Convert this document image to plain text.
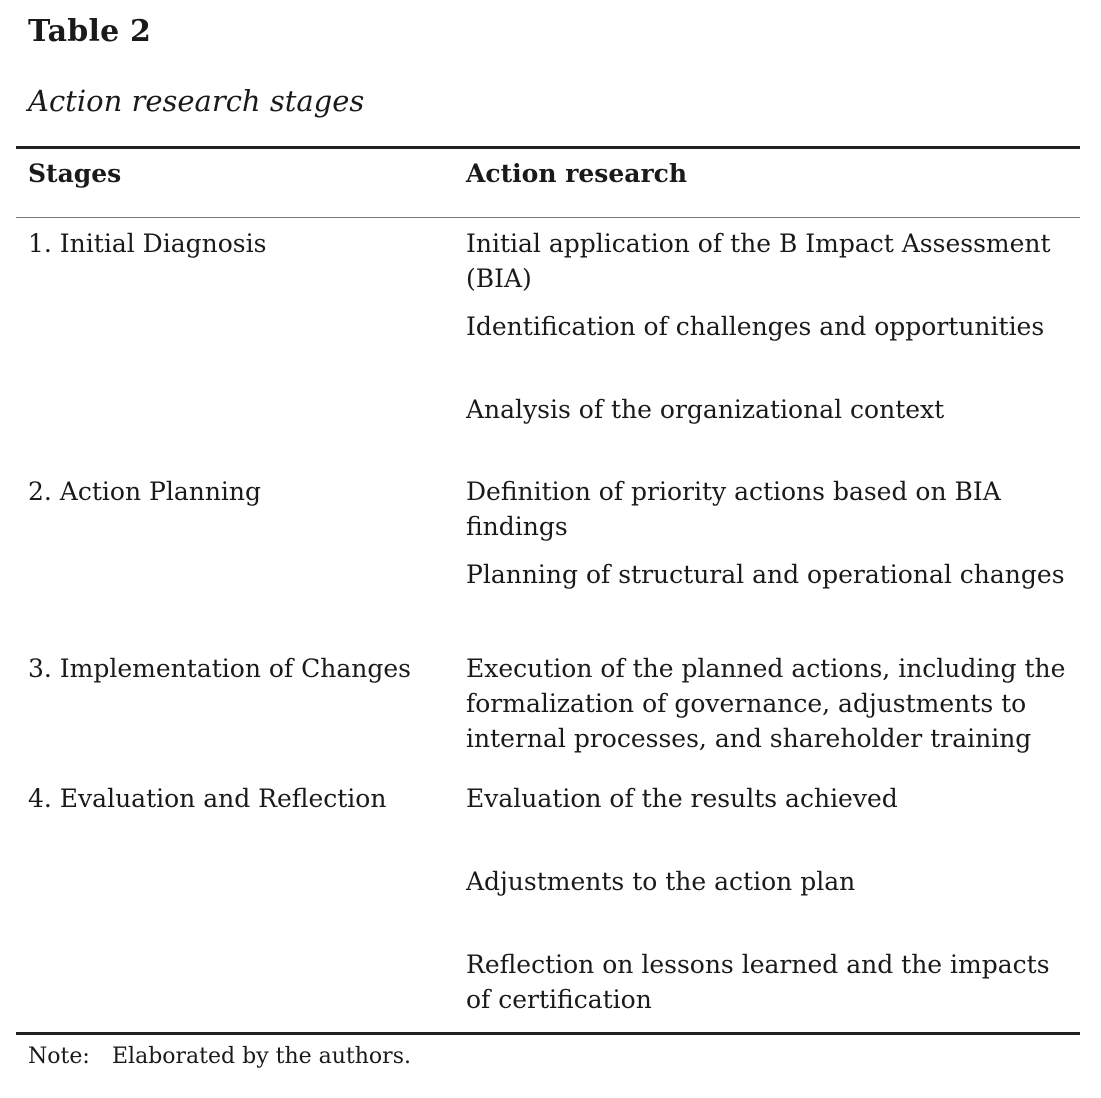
Table 2
Action research stages
Stages	Action research
1. Initial Diagnosis	Initial application of the B Impact Assessment (BIA)
Identification of challenges and opportunities
Analysis of the organizational context
2. Action Planning	Definition of priority actions based on BIA findings
Planning of structural and operational changes
3. Implementation of Changes	Execution of the planned actions, including the formalization of governance, adjustments to internal processes, and shareholder training
4. Evaluation and Reflection	Evaluation of the results achieved
Adjustments to the action plan
Reflection on lessons learned and the impacts of certification
Note: Elaborated by the authors.
